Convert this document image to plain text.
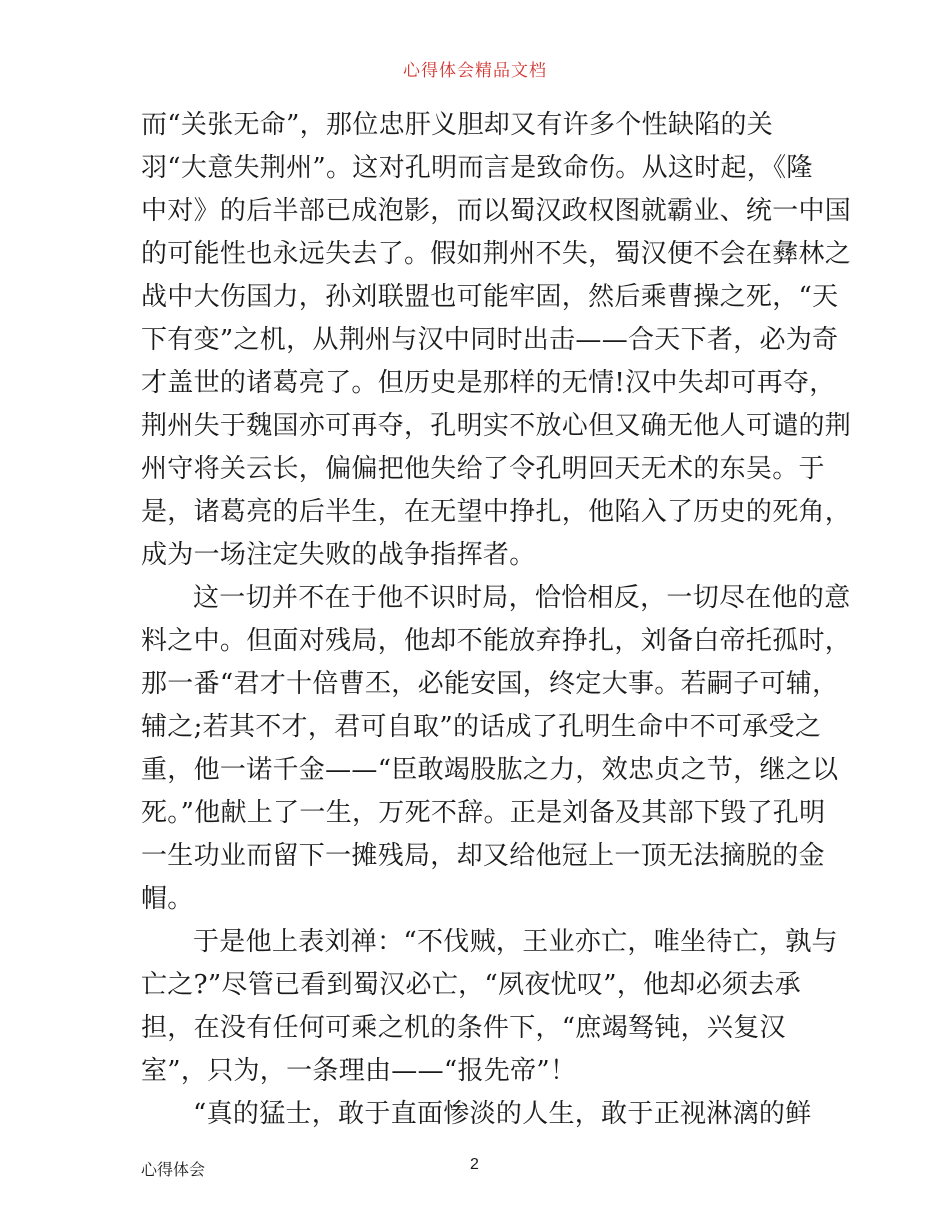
心得体会精品文档
而“关张无命”，那位忠肝义胆却又有许多个性缺陷的关
羽“大意失荆州”。这对孔明而言是致命伤。从这时起，《隆
中对》的后半部已成泡影，而以蜀汉政权图就霸业、统一中国
的可能性也永远失去了。假如荆州不失，蜀汉便不会在彝林之
战中大伤国力，孙刘联盟也可能牢固，然后乘曹操之死，“天
下有变”之机，从荆州与汉中同时出击——合天下者，必为奇
才盖世的诸葛亮了。但历史是那样的无情!汉中失却可再夺，
荆州失于魏国亦可再夺，孔明实不放心但又确无他人可谴的荆
州守将关云长，偏偏把他失给了令孔明回天无术的东吴。于
是，诸葛亮的后半生，在无望中挣扎，他陷入了历史的死角，
成为一场注定失败的战争指挥者。
这一切并不在于他不识时局，恰恰相反，一切尽在他的意
料之中。但面对残局，他却不能放弃挣扎，刘备白帝托孤时，
那一番“君才十倍曹丕，必能安国，终定大事。若嗣子可辅，
辅之;若其不才，君可自取”的话成了孔明生命中不可承受之
重，他一诺千金——“臣敢竭股肱之力，效忠贞之节，继之以
死。”他献上了一生，万死不辞。正是刘备及其部下毁了孔明
一生功业而留下一摊残局，却又给他冠上一顶无法摘脱的金
帽。
于是他上表刘禅：“不伐贼，王业亦亡，唯坐待亡，孰与
亡之?”尽管已看到蜀汉必亡，“夙夜忧叹”，他却必须去承
担，在没有任何可乘之机的条件下，“庶竭驽钝，兴复汉
室”，只为，一条理由——“报先帝”！
“真的猛士，敢于直面惨淡的人生，敢于正视淋漓的鲜
心得体会	2
